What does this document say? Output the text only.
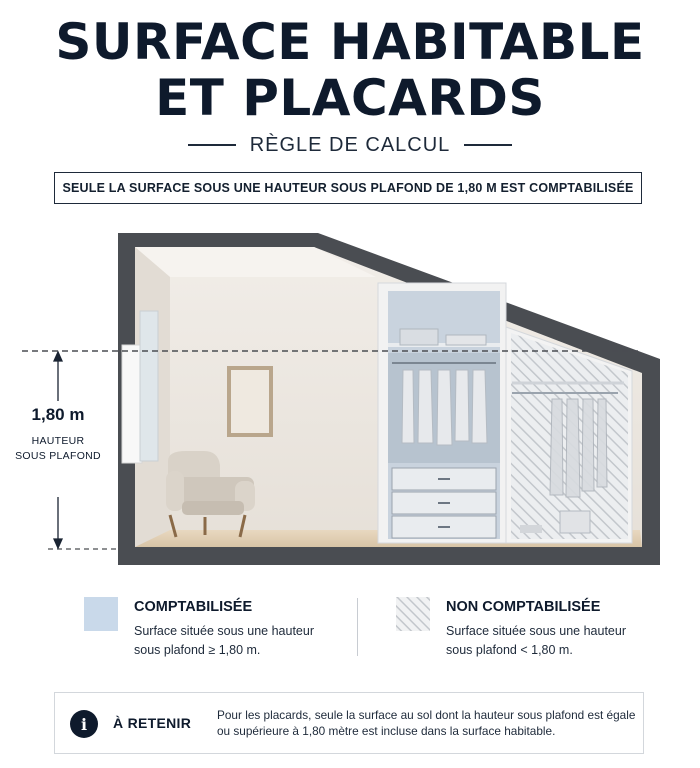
SURFACE HABITABLE
ET PLACARDS
RÈGLE DE CALCUL
SEULE LA SURFACE SOUS UNE HAUTEUR SOUS PLAFOND DE 1,80 M EST COMPTABILISÉE
1,80 m
HAUTEUR
SOUS PLAFOND
COMPTABILISÉE
Surface située sous une hauteur sous plafond ≥ 1,80 m.
NON COMPTABILISÉE
Surface située sous une hauteur sous plafond < 1,80 m.
i	À RETENIR Pour les placards, seule la surface au sol dont la hauteur sous plafond est égale ou supérieure à 1,80 mètre est incluse dans la surface habitable.
